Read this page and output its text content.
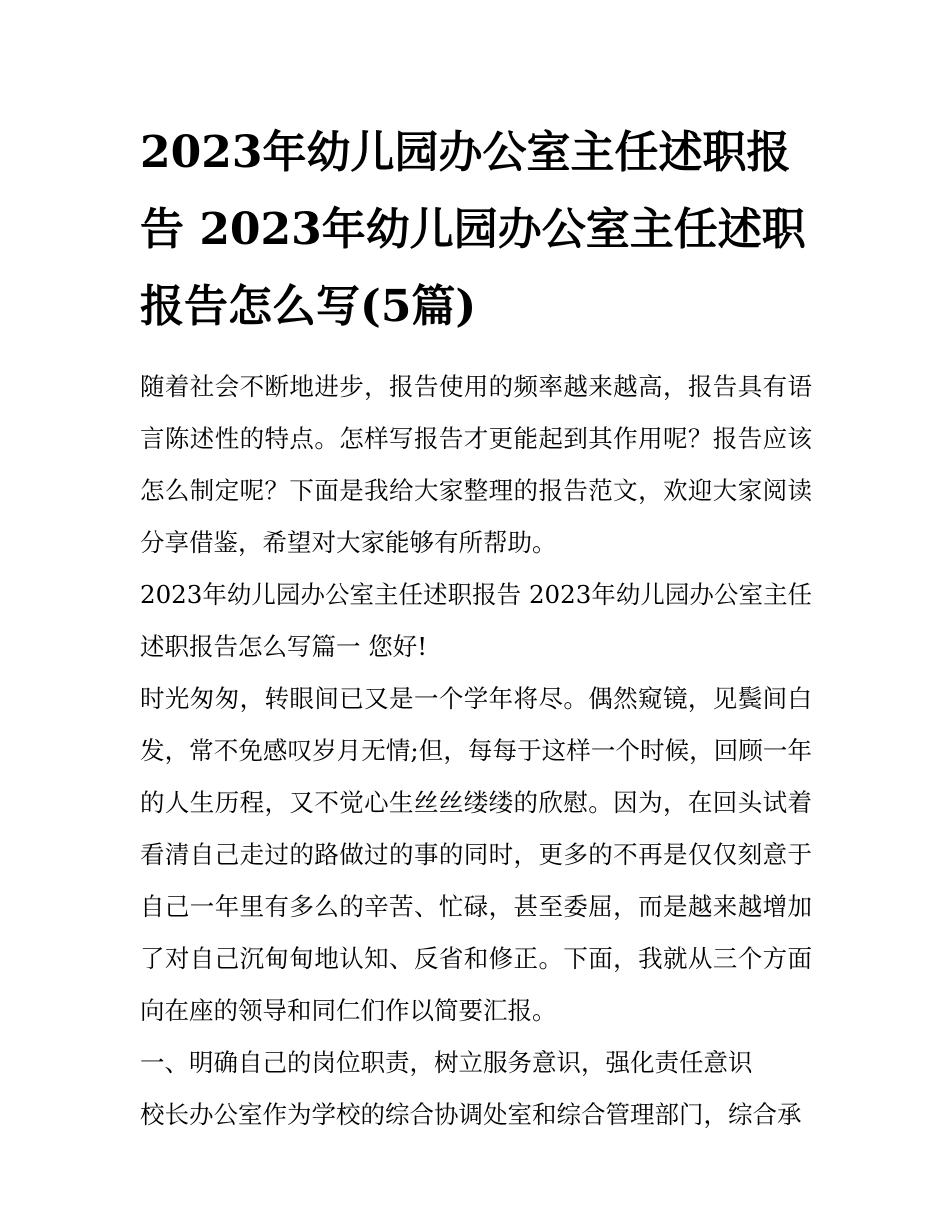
2023年幼儿园办公室主任述职报告 2023年幼儿园办公室主任述职报告怎么写(5篇)

随着社会不断地进步，报告使用的频率越来越高，报告具有语言陈述性的特点。怎样写报告才更能起到其作用呢？报告应该怎么制定呢？下面是我给大家整理的报告范文，欢迎大家阅读分享借鉴，希望对大家能够有所帮助。

2023年幼儿园办公室主任述职报告 2023年幼儿园办公室主任述职报告怎么写篇一 您好!

时光匆匆，转眼间已又是一个学年将尽。偶然窥镜，见鬓间白发，常不免感叹岁月无情;但，每每于这样一个时候，回顾一年的人生历程，又不觉心生丝丝缕缕的欣慰。因为，在回头试着看清自己走过的路做过的事的同时，更多的不再是仅仅刻意于自己一年里有多么的辛苦、忙碌，甚至委屈，而是越来越增加了对自己沉甸甸地认知、反省和修正。下面，我就从三个方面向在座的领导和同仁们作以简要汇报。

一、明确自己的岗位职责，树立服务意识，强化责任意识

校长办公室作为学校的综合协调处室和综合管理部门，综合承
